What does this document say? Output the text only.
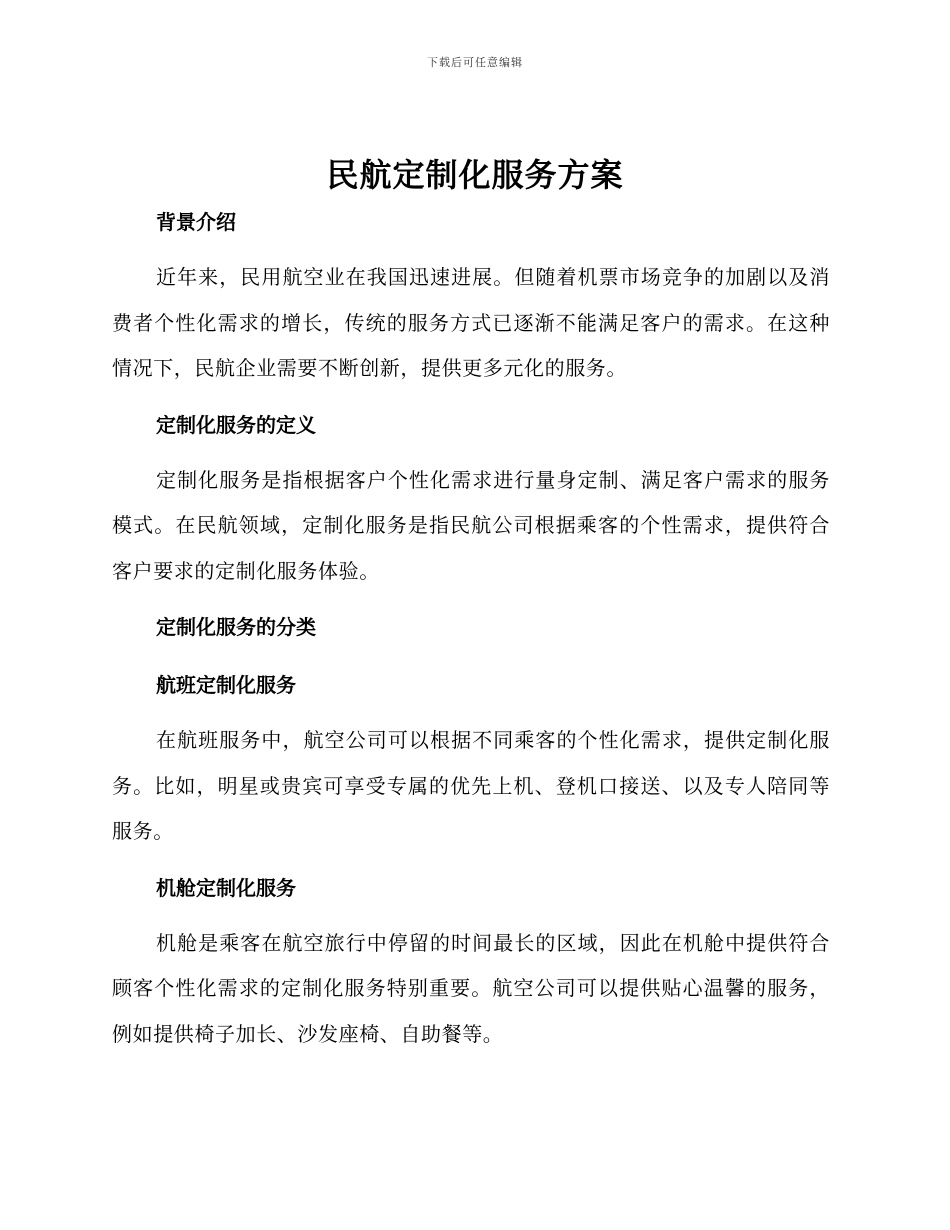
下载后可任意编辑
民航定制化服务方案
背景介绍

近年来，民用航空业在我国迅速进展。但随着机票市场竞争的加剧以及消费者个性化需求的增长，传统的服务方式已逐渐不能满足客户的需求。在这种情况下，民航企业需要不断创新，提供更多元化的服务。

定制化服务的定义

定制化服务是指根据客户个性化需求进行量身定制、满足客户需求的服务模式。在民航领域，定制化服务是指民航公司根据乘客的个性需求，提供符合客户要求的定制化服务体验。

定制化服务的分类
航班定制化服务

在航班服务中，航空公司可以根据不同乘客的个性化需求，提供定制化服务。比如，明星或贵宾可享受专属的优先上机、登机口接送、以及专人陪同等服务。

机舱定制化服务

机舱是乘客在航空旅行中停留的时间最长的区域，因此在机舱中提供符合顾客个性化需求的定制化服务特别重要。航空公司可以提供贴心温馨的服务，例如提供椅子加长、沙发座椅、自助餐等。
